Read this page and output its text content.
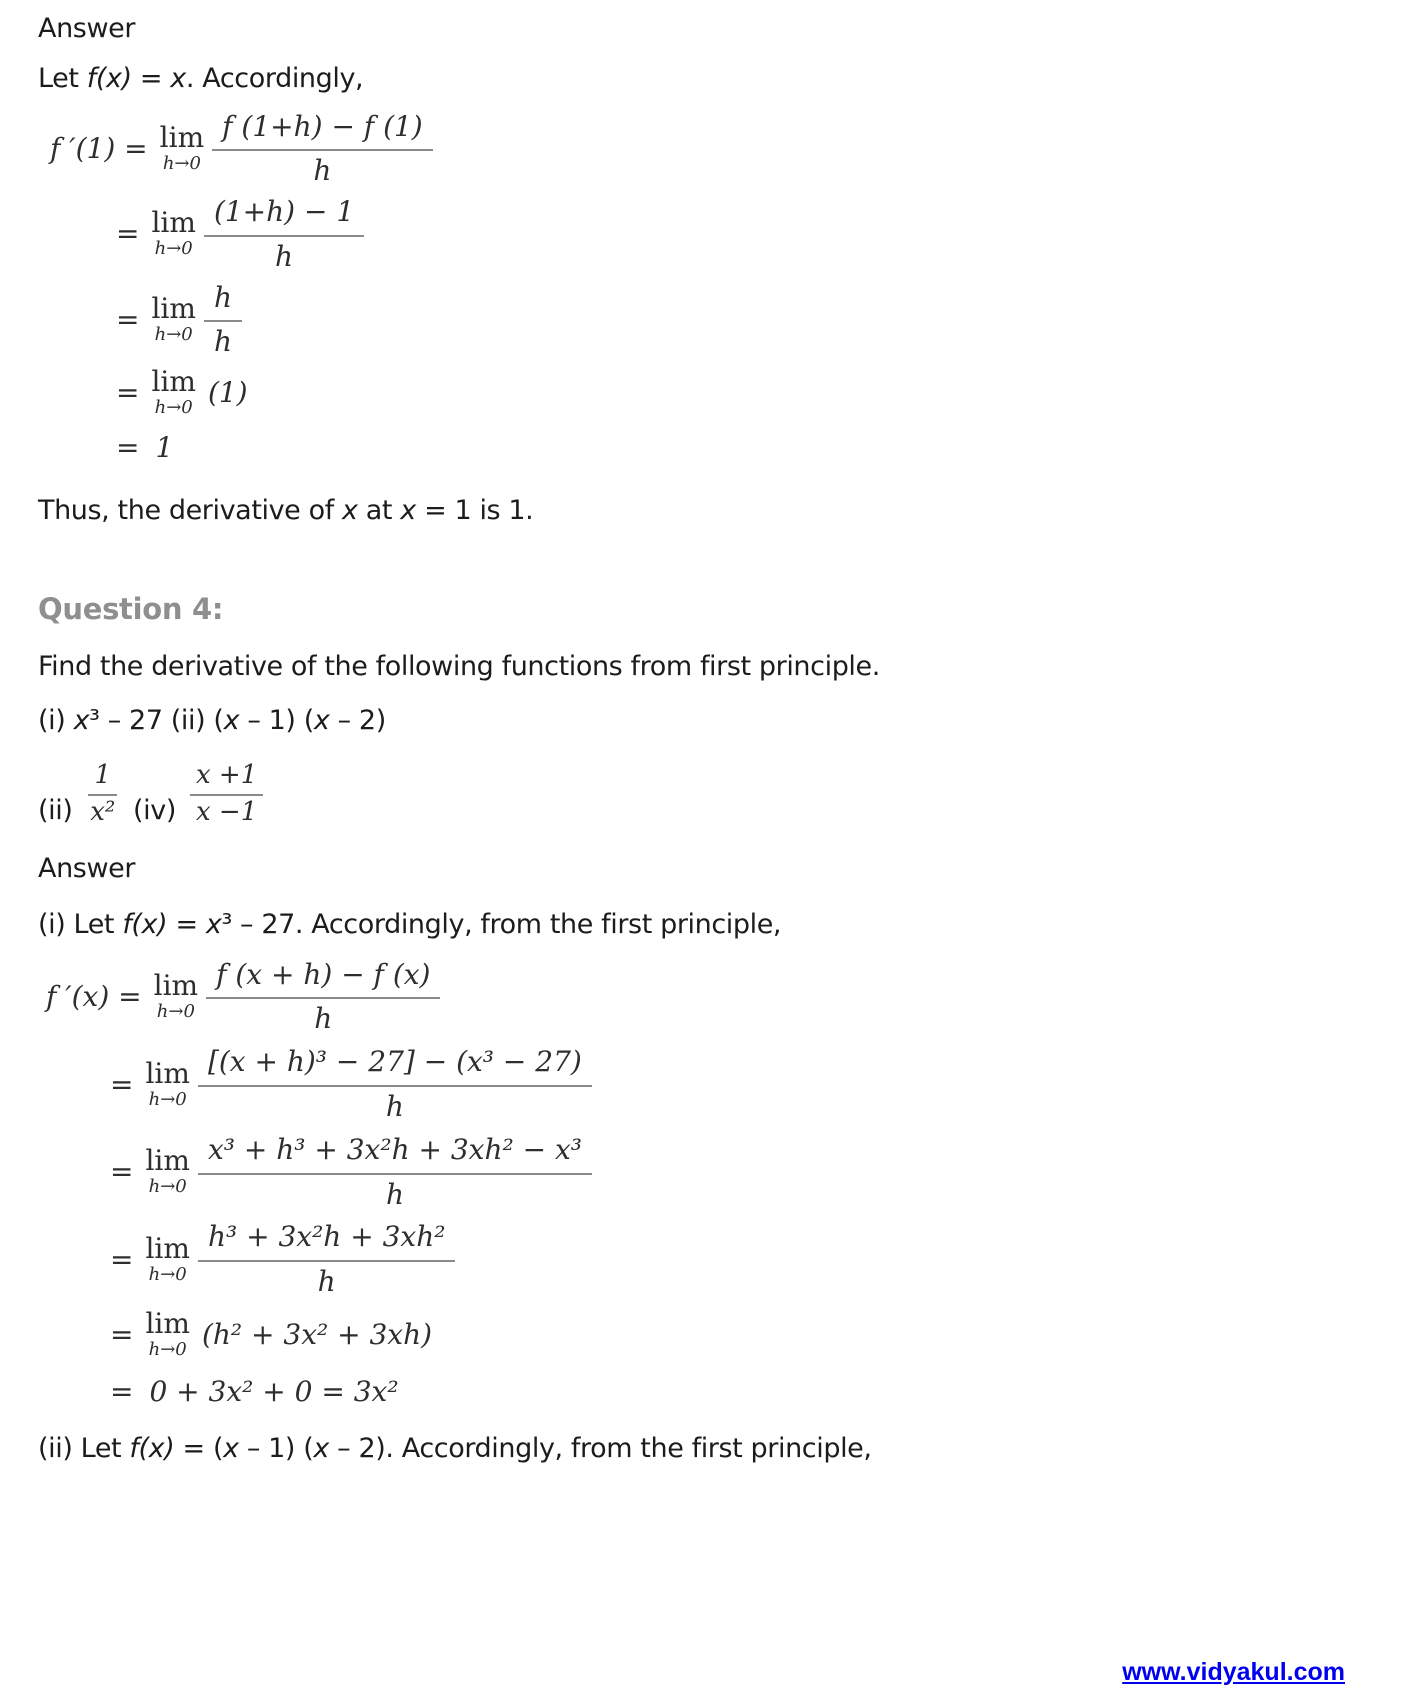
Answer

Let f(x) = x. Accordingly,

f ′(1) = lim
h→0
f (1+h) − f (1)
h
= lim
h→0
(1+h) − 1
h
= lim
h→0
h
h
= lim
h→0 (1)
= 1

Thus, the derivative of x at x = 1 is 1.

Question 4:

Find the derivative of the following functions from first principle.

(i) x³ – 27 (ii) (x – 1) (x – 2)

(ii)
1
x² (iv)
x +1
x −1
Answer

(i) Let f(x) = x³ – 27. Accordingly, from the first principle,

f ′(x) = lim
h→0
f (x + h) − f (x)
h
= lim
h→0
[(x + h)³ − 27] − (x³ − 27)
h
= lim
h→0
x³ + h³ + 3x²h + 3xh² − x³
h
= lim
h→0
h³ + 3x²h + 3xh²
h
= lim
h→0 (h² + 3x² + 3xh)
= 0 + 3x² + 0 = 3x²

(ii) Let f(x) = (x – 1) (x – 2). Accordingly, from the first principle,

www.vidyakul.com
